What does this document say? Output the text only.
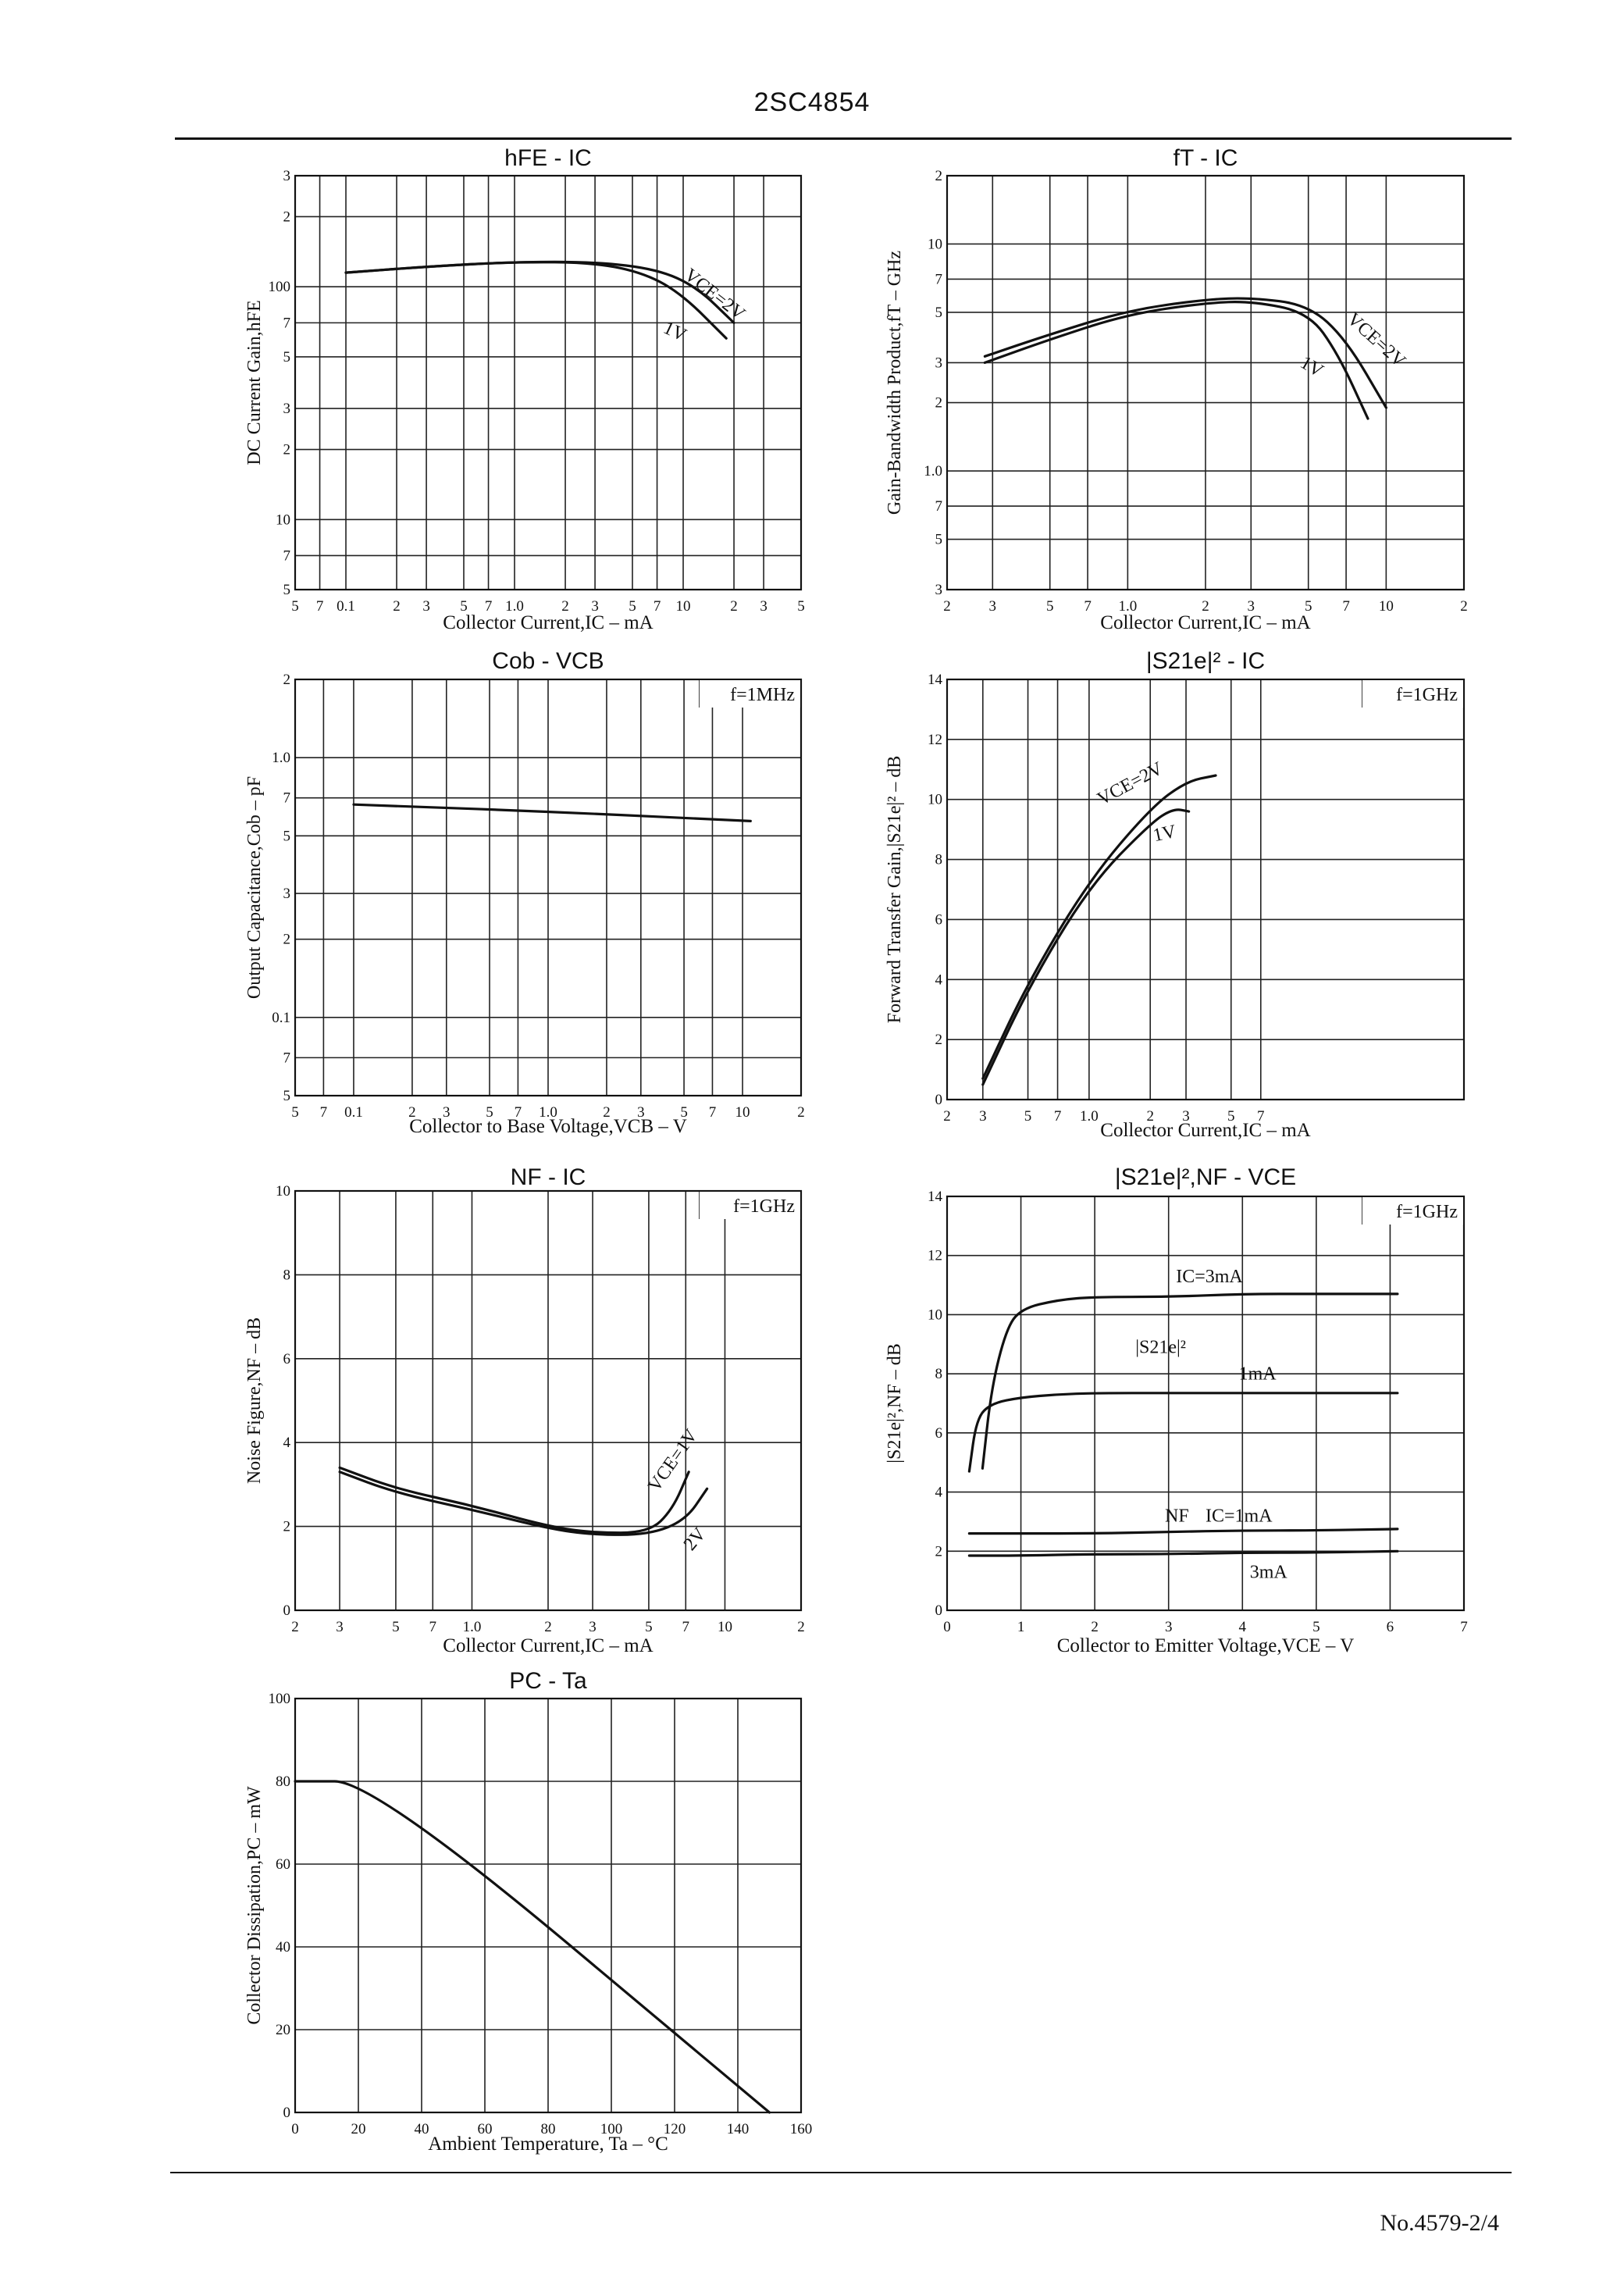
2SC4854
No.4579-2/4
5 7 0.1	2 3 5 7 1.0	2 3 5 7 10	2 3 5
5
7
10
2
3
5
7
100
2
3
hFE - IC
Collector Current,IC – mA
DC Current Gain,hFE
VCE=2V
1V
2	3	5 7 1.0	2	3	5 7 10	2
3
5
7
1.0
2
3
5
7
10
2
fT - IC
Collector Current,IC – mA
Gain-Bandwidth Product,fT – GHz	VCE=2V
1V
5 7 0.1	2 3 5 7 1.0	2 3 5 7 10	2
5
7
0.1
2
3
5
7
1.0
2
Cob - VCB
Collector to Base Voltage,VCB – V
Output Capacitance,Cob – pF
f=1MHz
2 3	5 7 1.0	2 3	5 7
0
2
4
6
8
10
12
14
|S21e|² - IC
Collector Current,IC – mA
Forward Transfer Gain,|S21e|² – dB
f=1GHz
VCE=2V
1V
2	3	5 7 1.0	2	3	5 7 10	2
0
2
4
6
8
10
NF - IC
Collector Current,IC – mA
Noise Figure,NF – dB
f=1GHz
VCE=1V
2V
0	1	2	3	4	5	6	7
0
2
4
6
8
10
12
14
|S21e|²,NF - VCE
Collector to Emitter Voltage,VCE – V
|S21e|²,NF – dB
f=1GHz
IC=3mA
|S21e|²
1mA
NF IC=1mA
3mA
0	20	40	60	80	100	120	140	160
0
20
40
60
80
100
PC - Ta
Ambient Temperature, Ta – °C
Collector Dissipation,PC – mW
